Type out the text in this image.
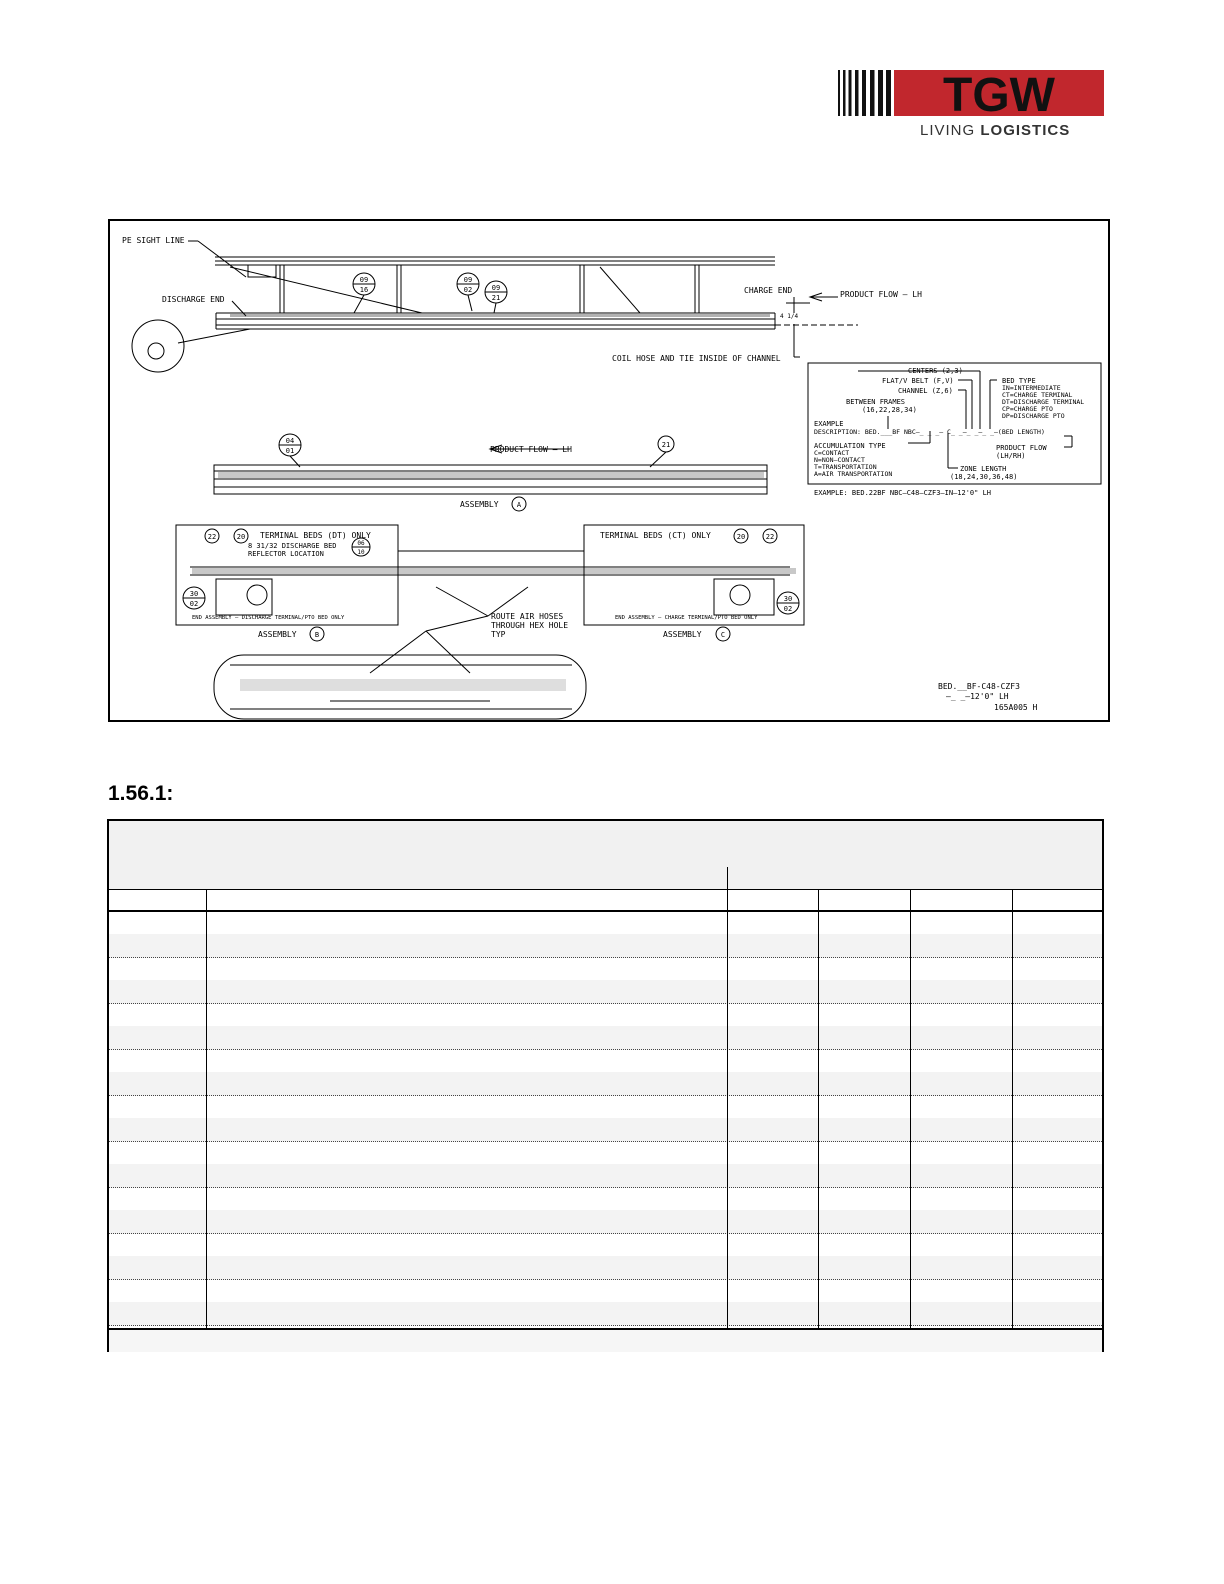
TGW
LIVING LOGISTICS
PE SIGHT LINE
DISCHARGE END
CHARGE END	PRODUCT FLOW – LH
4 1/4
COIL HOSE AND TIE INSIDE OF CHANNEL
PRODUCT FLOW – LH
ASSEMBLY
TERMINAL BEDS (DT) ONLY
8 31/32 DISCHARGE BED
REFLECTOR LOCATION
END ASSEMBLY – DISCHARGE TERMINAL/PTO BED ONLY
ASSEMBLY
TERMINAL BEDS (CT) ONLY
END ASSEMBLY – CHARGE TERMINAL/PTO BED ONLY
ASSEMBLY
ROUTE AIR HOSES
THROUGH HEX HOLE
TYP
BED.__BF-C48-CZF3
–_ _–12'0" LH
165A005 H
09
16
09
02	09
21
04
01
21
22	20
06
10
30
02
20	22
30
02
A
B	C
CENTERS (2,3)
FLAT/V BELT (F,V)
CHANNEL (Z,6)
BETWEEN FRAMES
(16,22,28,34)
EXAMPLE
DESCRIPTION: BED.___BF NBC–_ _ _– C_ _–_ _–_ _–(BED LENGTH)
BED TYPE
IN=INTERMEDIATE
CT=CHARGE TERMINAL
DT=DISCHARGE TERMINAL
CP=CHARGE PTO
DP=DISCHARGE PTO
ACCUMULATION TYPE
C=CONTACT
N=NON–CONTACT
T=TRANSPORTATION
A=AIR TRANSPORTATION
PRODUCT FLOW
(LH/RH)
ZONE LENGTH
(18,24,30,36,48)
EXAMPLE: BED.22BF NBC–C48–CZF3–IN–12'0" LH
1.56.1:
